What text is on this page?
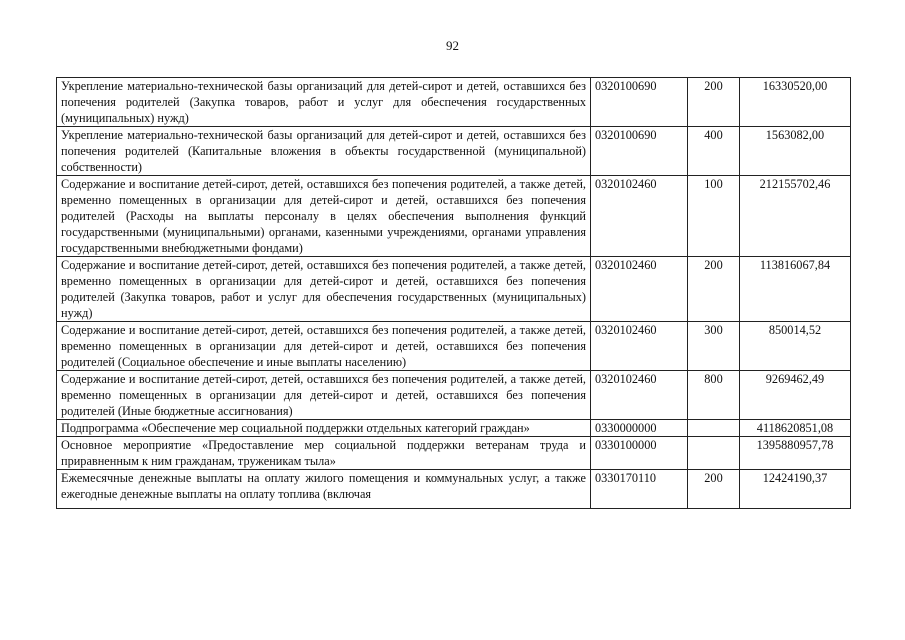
92
Укрепление материально-технической базы организаций для детей-сирот и детей, оставшихся без попечения родителей (Закупка товаров, работ и услуг для обеспечения государственных (муниципальных) нужд)	0320100690	200	16330520,00
Укрепление материально-технической базы организаций для детей-сирот и детей, оставшихся без попечения родителей (Капитальные вложения в объекты государственной (муниципальной) собственности)	0320100690	400	1563082,00
Содержание и воспитание детей-сирот, детей, оставшихся без попечения родителей, а также детей, временно помещенных в организации для детей-сирот и детей, оставшихся без попечения родителей (Расходы на выплаты персоналу в целях обеспечения выполнения функций государственными (муниципальными) органами, казенными учреждениями, органами управления государственными внебюджетными фондами)	0320102460	100	212155702,46
Содержание и воспитание детей-сирот, детей, оставшихся без попечения родителей, а также детей, временно помещенных в организации для детей-сирот и детей, оставшихся без попечения родителей (Закупка товаров, работ и услуг для обеспечения государственных (муниципальных) нужд)	0320102460	200	113816067,84
Содержание и воспитание детей-сирот, детей, оставшихся без попечения родителей, а также детей, временно помещенных в организации для детей-сирот и детей, оставшихся без попечения родителей (Социальное обеспечение и иные выплаты населению)	0320102460	300	850014,52
Содержание и воспитание детей-сирот, детей, оставшихся без попечения родителей, а также детей, временно помещенных в организации для детей-сирот и детей, оставшихся без попечения родителей (Иные бюджетные ассигнования)	0320102460	800	9269462,49
Подпрограмма «Обеспечение мер социальной поддержки отдельных категорий граждан»	0330000000		4118620851,08
Основное мероприятие «Предоставление мер социальной поддержки ветеранам труда и приравненным к ним гражданам, труженикам тыла»	0330100000		1395880957,78

Ежемесячные денежные выплаты на оплату жилого помещения и коммунальных услуг, а также ежегодные денежные выплаты на оплату топлива (включая	0330170110	200	12424190,37
